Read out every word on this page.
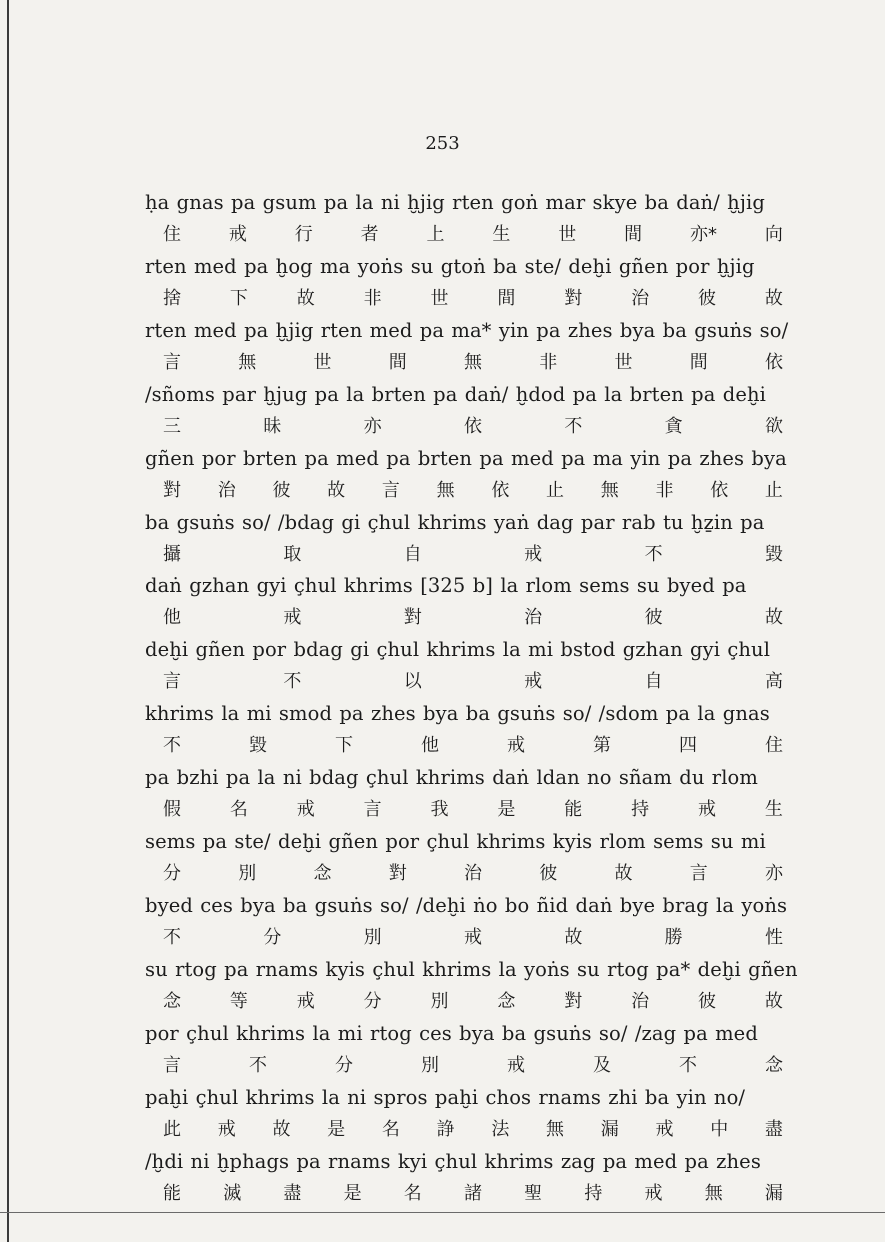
253
ḥa gnas pa gsum pa la ni ḫjig rten goṅ mar skye ba daṅ/ ḫjig
住	戒	行	者	上	生	世	間	亦*	向
rten med pa ḫog ma yoṅs su gtoṅ ba ste/ deḫi gñen por ḫjig
捨	下	故	非	世	間	對	治	彼	故
rten med pa ḫjig rten med pa ma* yin pa zhes bya ba gsuṅs so/
言	無	世	間	無	非	世	間	依
/sñoms par ḫjug pa la brten pa daṅ/ ḫdod pa la brten pa deḫi
三	昧	亦	依	不	貪	欲
gñen por brten pa med pa brten pa med pa ma yin pa zhes bya
對 治 彼 故 言 無 依 止 無 非 依 止
ba gsuṅs so/ /bdag gi çhul khrims yaṅ dag par rab tu ḫẕin pa
攝	取	自	戒	不	毀
daṅ gzhan gyi çhul khrims [325 b] la rlom sems su byed pa
他	戒	對	治	彼	故
deḫi gñen por bdag gi çhul khrims la mi bstod gzhan gyi çhul
言	不	以	戒	自	高
khrims la mi smod pa zhes bya ba gsuṅs so/ /sdom pa la gnas
不	毀	下	他	戒	第	四	住
pa bzhi pa la ni bdag çhul khrims daṅ ldan no sñam du rlom
假	名	戒	言	我	是	能	持	戒	生
sems pa ste/ deḫi gñen por çhul khrims kyis rlom sems su mi
分	別	念	對	治	彼	故	言	亦
byed ces bya ba gsuṅs so/ /deḫi ṅo bo ñid daṅ bye brag la yoṅs
不	分	別	戒	故	勝	性
su rtog pa rnams kyis çhul khrims la yoṅs su rtog pa* deḫi gñen
念	等	戒	分	別	念	對	治	彼	故
por çhul khrims la mi rtog ces bya ba gsuṅs so/ /zag pa med
言	不	分	別	戒	及	不	念
paḫi çhul khrims la ni spros paḫi chos rnams zhi ba yin no/
此 戒 故 是 名 諍 法 無 漏 戒 中 盡
/ḫdi ni ḫphags pa rnams kyi çhul khrims zag pa med pa zhes
能 滅 盡 是 名 諸 聖 持 戒 無 漏
